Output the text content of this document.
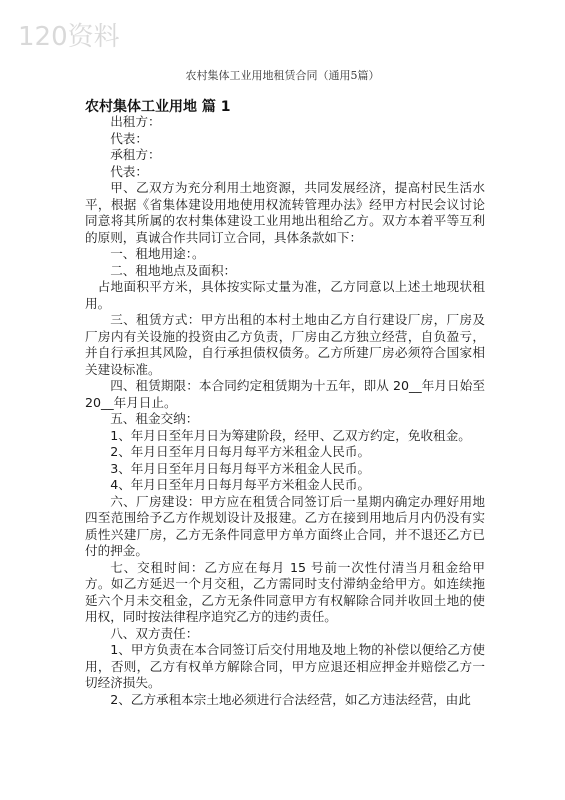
120资料
农村集体工业用地租赁合同（通用5篇）
农村集体工业用地 篇 1

出租方：

代表：

承租方：

代表：

甲、乙双方为充分利用土地资源，共同发展经济，提高村民生活水平，根据《省集体建设用地使用权流转管理办法》经甲方村民会议讨论同意将其所属的农村集体建设工业用地出租给乙方。双方本着平等互利的原则，真诚合作共同订立合同，具体条款如下：

一、租地用途：。

二、租地地点及面积：

占地面积平方米，具体按实际丈量为准，乙方同意以上述土地现状租用。

三、租赁方式：甲方出租的本村土地由乙方自行建设厂房，厂房及厂房内有关设施的投资由乙方负责，厂房由乙方独立经营，自负盈亏，并自行承担其风险，自行承担债权债务。乙方所建厂房必须符合国家相关建设标准。

四、租赁期限：本合同约定租赁期为十五年，即从 20__年月日始至 20__年月日止。

五、租金交纳：

1、年月日至年月日为筹建阶段，经甲、乙双方约定，免收租金。

2、年月日至年月日每月每平方米租金人民币。

3、年月日至年月日每月每平方米租金人民币。

4、年月日至年月日每月每平方米租金人民币。

六、厂房建设：甲方应在租赁合同签订后一星期内确定办理好用地四至范围给予乙方作规划设计及报建。乙方在接到用地后月内仍没有实质性兴建厂房，乙方无条件同意甲方单方面终止合同，并不退还乙方已付的押金。

七、交租时间：乙方应在每月 15 号前一次性付清当月租金给甲方。如乙方延迟一个月交租，乙方需同时支付滞纳金给甲方。如连续拖延六个月未交租金，乙方无条件同意甲方有权解除合同并收回土地的使用权，同时按法律程序追究乙方的违约责任。

八、双方责任：

1、甲方负责在本合同签订后交付用地及地上物的补偿以便给乙方使用，否则，乙方有权单方解除合同，甲方应退还相应押金并赔偿乙方一切经济损失。

2、乙方承租本宗土地必须进行合法经营，如乙方违法经营，由此
